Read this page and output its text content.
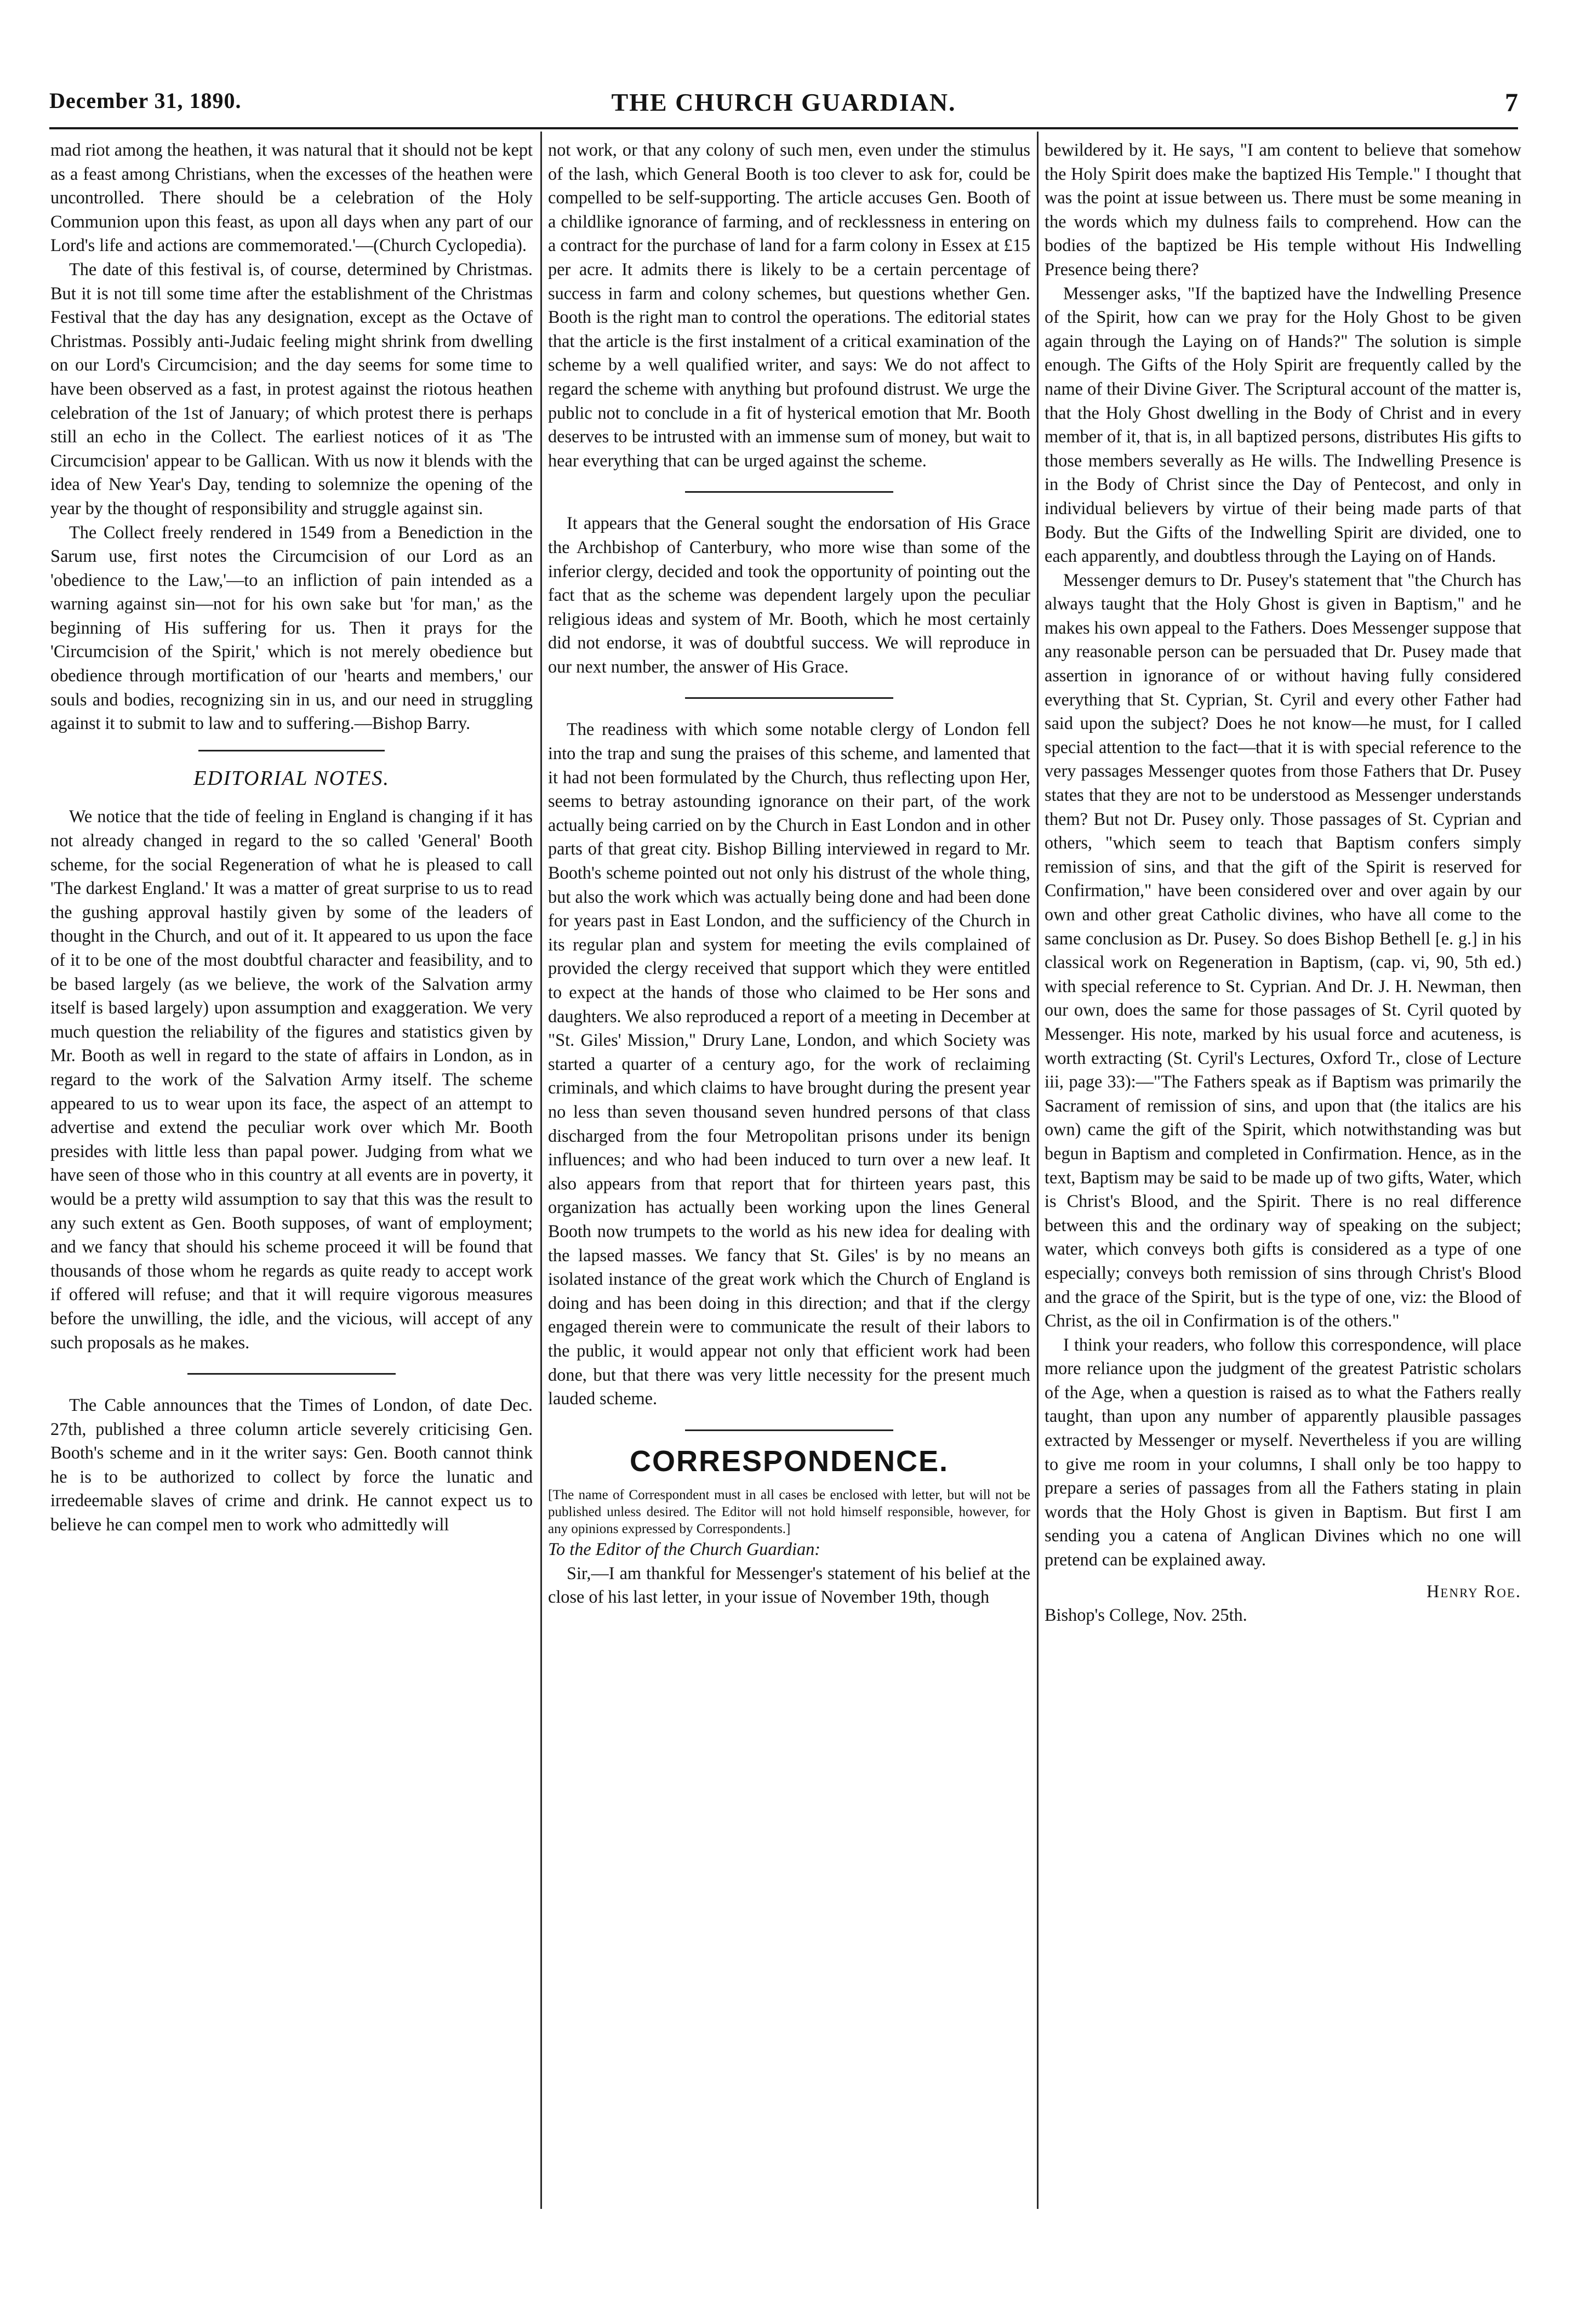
December 31, 1890.	THE CHURCH GUARDIAN.	7

mad riot among the heathen, it was natural that it should not be kept as a feast among Christians, when the excesses of the heathen were uncontrolled. There should be a celebration of the Holy Communion upon this feast, as upon all days when any part of our Lord's life and actions are commemorated.'—(Church Cyclopedia).

The date of this festival is, of course, determined by Christmas. But it is not till some time after the establishment of the Christmas Festival that the day has any designation, except as the Octave of Christmas. Possibly anti-Judaic feeling might shrink from dwelling on our Lord's Circumcision; and the day seems for some time to have been observed as a fast, in protest against the riotous heathen celebration of the 1st of January; of which protest there is perhaps still an echo in the Collect. The earliest notices of it as 'The Circumcision' appear to be Gallican. With us now it blends with the idea of New Year's Day, tending to solemnize the opening of the year by the thought of responsibility and struggle against sin.

The Collect freely rendered in 1549 from a Benediction in the Sarum use, first notes the Circumcision of our Lord as an 'obedience to the Law,'—to an infliction of pain intended as a warning against sin—not for his own sake but 'for man,' as the beginning of His suffering for us. Then it prays for the 'Circumcision of the Spirit,' which is not merely obedience but obedience through mortification of our 'hearts and members,' our souls and bodies, recognizing sin in us, and our need in struggling against it to submit to law and to suffering.—Bishop Barry.

EDITORIAL NOTES.

We notice that the tide of feeling in England is changing if it has not already changed in regard to the so called 'General' Booth scheme, for the social Regeneration of what he is pleased to call 'The darkest England.' It was a matter of great surprise to us to read the gushing approval hastily given by some of the leaders of thought in the Church, and out of it. It appeared to us upon the face of it to be one of the most doubtful character and feasibility, and to be based largely (as we believe, the work of the Salvation army itself is based largely) upon assumption and exaggeration. We very much question the reliability of the figures and statistics given by Mr. Booth as well in regard to the state of affairs in London, as in regard to the work of the Salvation Army itself. The scheme appeared to us to wear upon its face, the aspect of an attempt to advertise and extend the peculiar work over which Mr. Booth presides with little less than papal power. Judging from what we have seen of those who in this country at all events are in poverty, it would be a pretty wild assumption to say that this was the result to any such extent as Gen. Booth supposes, of want of employment; and we fancy that should his scheme proceed it will be found that thousands of those whom he regards as quite ready to accept work if offered will refuse; and that it will require vigorous measures before the unwilling, the idle, and the vicious, will accept of any such proposals as he makes.

The Cable announces that the Times of London, of date Dec. 27th, published a three column article severely criticising Gen. Booth's scheme and in it the writer says: Gen. Booth cannot think he is to be authorized to collect by force the lunatic and irredeemable slaves of crime and drink. He cannot expect us to believe he can compel men to work who admittedly will

not work, or that any colony of such men, even under the stimulus of the lash, which General Booth is too clever to ask for, could be compelled to be self-supporting. The article accuses Gen. Booth of a childlike ignorance of farming, and of recklessness in entering on a contract for the purchase of land for a farm colony in Essex at £15 per acre. It admits there is likely to be a certain percentage of success in farm and colony schemes, but questions whether Gen. Booth is the right man to control the operations. The editorial states that the article is the first instalment of a critical examination of the scheme by a well qualified writer, and says: We do not affect to regard the scheme with anything but profound distrust. We urge the public not to conclude in a fit of hysterical emotion that Mr. Booth deserves to be intrusted with an immense sum of money, but wait to hear everything that can be urged against the scheme.

It appears that the General sought the endorsation of His Grace the Archbishop of Canterbury, who more wise than some of the inferior clergy, decided and took the opportunity of pointing out the fact that as the scheme was dependent largely upon the peculiar religious ideas and system of Mr. Booth, which he most certainly did not endorse, it was of doubtful success. We will reproduce in our next number, the answer of His Grace.

The readiness with which some notable clergy of London fell into the trap and sung the praises of this scheme, and lamented that it had not been formulated by the Church, thus reflecting upon Her, seems to betray astounding ignorance on their part, of the work actually being carried on by the Church in East London and in other parts of that great city. Bishop Billing interviewed in regard to Mr. Booth's scheme pointed out not only his distrust of the whole thing, but also the work which was actually being done and had been done for years past in East London, and the sufficiency of the Church in its regular plan and system for meeting the evils complained of provided the clergy received that support which they were entitled to expect at the hands of those who claimed to be Her sons and daughters. We also reproduced a report of a meeting in December at "St. Giles' Mission," Drury Lane, London, and which Society was started a quarter of a century ago, for the work of reclaiming criminals, and which claims to have brought during the present year no less than seven thousand seven hundred persons of that class discharged from the four Metropolitan prisons under its benign influences; and who had been induced to turn over a new leaf. It also appears from that report that for thirteen years past, this organization has actually been working upon the lines General Booth now trumpets to the world as his new idea for dealing with the lapsed masses. We fancy that St. Giles' is by no means an isolated instance of the great work which the Church of England is doing and has been doing in this direction; and that if the clergy engaged therein were to communicate the result of their labors to the public, it would appear not only that efficient work had been done, but that there was very little necessity for the present much lauded scheme.

CORRESPONDENCE.

[The name of Correspondent must in all cases be enclosed with letter, but will not be published unless desired. The Editor will not hold himself responsible, however, for any opinions expressed by Correspondents.]

To the Editor of the Church Guardian:

Sir,—I am thankful for Messenger's statement of his belief at the close of his last letter, in your issue of November 19th, though

bewildered by it. He says, "I am content to believe that somehow the Holy Spirit does make the baptized His Temple." I thought that was the point at issue between us. There must be some meaning in the words which my dulness fails to comprehend. How can the bodies of the baptized be His temple without His Indwelling Presence being there?

Messenger asks, "If the baptized have the Indwelling Presence of the Spirit, how can we pray for the Holy Ghost to be given again through the Laying on of Hands?" The solution is simple enough. The Gifts of the Holy Spirit are frequently called by the name of their Divine Giver. The Scriptural account of the matter is, that the Holy Ghost dwelling in the Body of Christ and in every member of it, that is, in all baptized persons, distributes His gifts to those members severally as He wills. The Indwelling Presence is in the Body of Christ since the Day of Pentecost, and only in individual believers by virtue of their being made parts of that Body. But the Gifts of the Indwelling Spirit are divided, one to each apparently, and doubtless through the Laying on of Hands.

Messenger demurs to Dr. Pusey's statement that "the Church has always taught that the Holy Ghost is given in Baptism," and he makes his own appeal to the Fathers. Does Messenger suppose that any reasonable person can be persuaded that Dr. Pusey made that assertion in ignorance of or without having fully considered everything that St. Cyprian, St. Cyril and every other Father had said upon the subject? Does he not know—he must, for I called special attention to the fact—that it is with special reference to the very passages Messenger quotes from those Fathers that Dr. Pusey states that they are not to be understood as Messenger understands them? But not Dr. Pusey only. Those passages of St. Cyprian and others, "which seem to teach that Baptism confers simply remission of sins, and that the gift of the Spirit is reserved for Confirmation," have been considered over and over again by our own and other great Catholic divines, who have all come to the same conclusion as Dr. Pusey. So does Bishop Bethell [e. g.] in his classical work on Regeneration in Baptism, (cap. vi, 90, 5th ed.) with special reference to St. Cyprian. And Dr. J. H. Newman, then our own, does the same for those passages of St. Cyril quoted by Messenger. His note, marked by his usual force and acuteness, is worth extracting (St. Cyril's Lectures, Oxford Tr., close of Lecture iii, page 33):—"The Fathers speak as if Baptism was primarily the Sacrament of remission of sins, and upon that (the italics are his own) came the gift of the Spirit, which notwithstanding was but begun in Baptism and completed in Confirmation. Hence, as in the text, Baptism may be said to be made up of two gifts, Water, which is Christ's Blood, and the Spirit. There is no real difference between this and the ordinary way of speaking on the subject; water, which conveys both gifts is considered as a type of one especially; conveys both remission of sins through Christ's Blood and the grace of the Spirit, but is the type of one, viz: the Blood of Christ, as the oil in Confirmation is of the others."

I think your readers, who follow this correspondence, will place more reliance upon the judgment of the greatest Patristic scholars of the Age, when a question is raised as to what the Fathers really taught, than upon any number of apparently plausible passages extracted by Messenger or myself. Nevertheless if you are willing to give me room in your columns, I shall only be too happy to prepare a series of passages from all the Fathers stating in plain words that the Holy Ghost is given in Baptism. But first I am sending you a catena of Anglican Divines which no one will pretend can be explained away.

Henry Roe.

Bishop's College, Nov. 25th.
